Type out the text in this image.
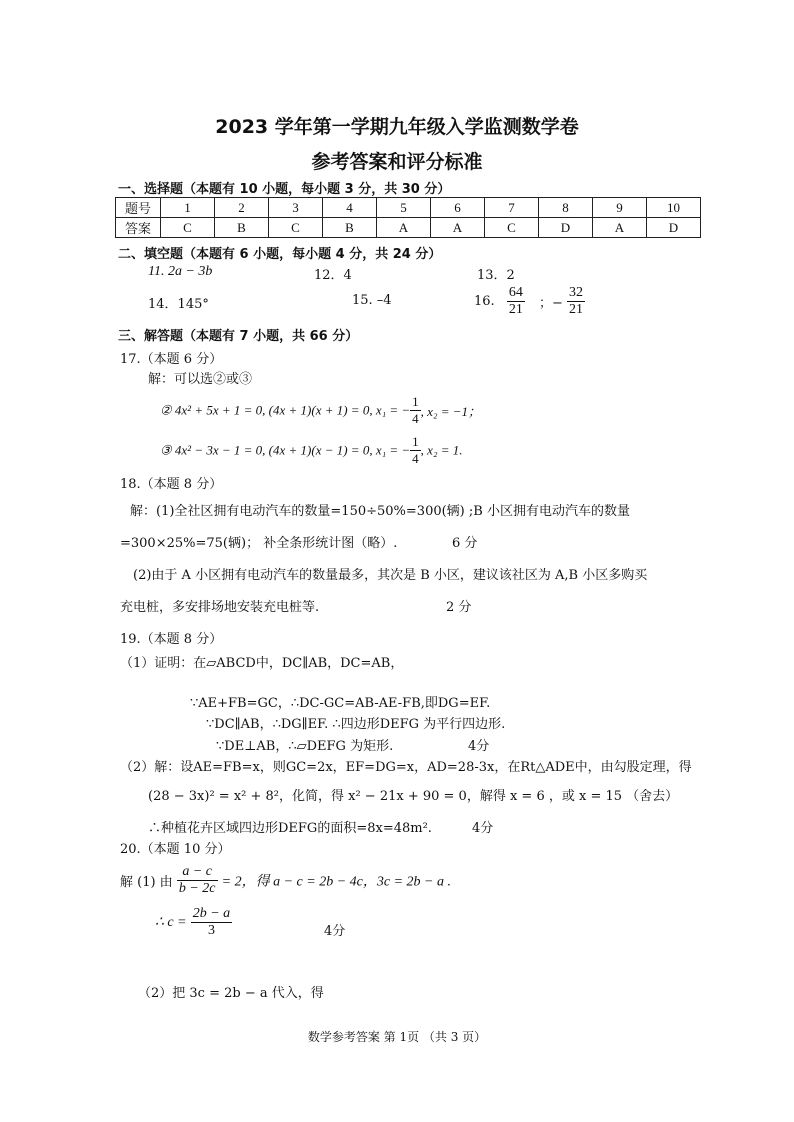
2023 学年第一学期九年级入学监测数学卷
参考答案和评分标准
一、选择题（本题有 10 小题，每小题 3 分，共 30 分）
题号	1	2	3	4	5	6	7	8	9	10
答案	C	B	C	B	A	A	C	D	A	D
二、填空题（本题有 6 小题，每小题 4 分，共 24 分）
11. 2a − 3b	12．4	13．2
14．145°	15. –4	16. $\frac{64}{21}$ ；− $\frac{32}{21}$
三、解答题（本题有 7 小题，共 66 分）
17.（本题 6 分）
解：可以选②或③
② 4x² + 5x + 1 = 0, (4x + 1)(x + 1) = 0, x₁ = − $\frac{1}{4}$ , x₂ = −1；
③ 4x² − 3x − 1 = 0, (4x + 1)(x − 1) = 0, x₁ = − $\frac{1}{4}$ , x₂ = 1.
18.（本题 8 分）
解：(1)全社区拥有电动汽车的数量=150÷50%=300(辆) ;B 小区拥有电动汽车的数量
=300×25%=75(辆)； 补全条形统计图（略）.	6 分
(2)由于 A 小区拥有电动汽车的数量最多，其次是 B 小区，建议该社区为 A,B 小区多购买
充电桩，多安排场地安装充电桩等.	2 分
19.（本题 8 分）
（1）证明：在▱ABCD中，DC∥AB，DC=AB，
∵AE+FB=GC，∴DC-GC=AB-AE-FB,即DG=EF.
∵DC∥AB，∴DG∥EF. ∴四边形DEFG 为平行四边形.
∵DE⊥AB，∴▱DEFG 为矩形.	4分
（2）解：设AE=FB=x，则GC=2x，EF=DG=x，AD=28-3x，在Rt△ADE中，由勾股定理，得
(28 − 3x)² = x² + 8²，化简，得 x² − 21x + 90 = 0，解得 x = 6 ，或 x = 15 （舍去）
∴种植花卉区域四边形DEFG的面积=8x=48m².	4分
20.（本题 10 分）
解 (1) 由 $\frac{a - c}{b - 2c} = 2$，得 a − c = 2b − 4c，3c = 2b − a .
∴ $c = \frac{2b - a}{3}$	4分
（2）把 3c = 2b − a 代入，得
数学参考答案 第 1页 （共 3 页）
